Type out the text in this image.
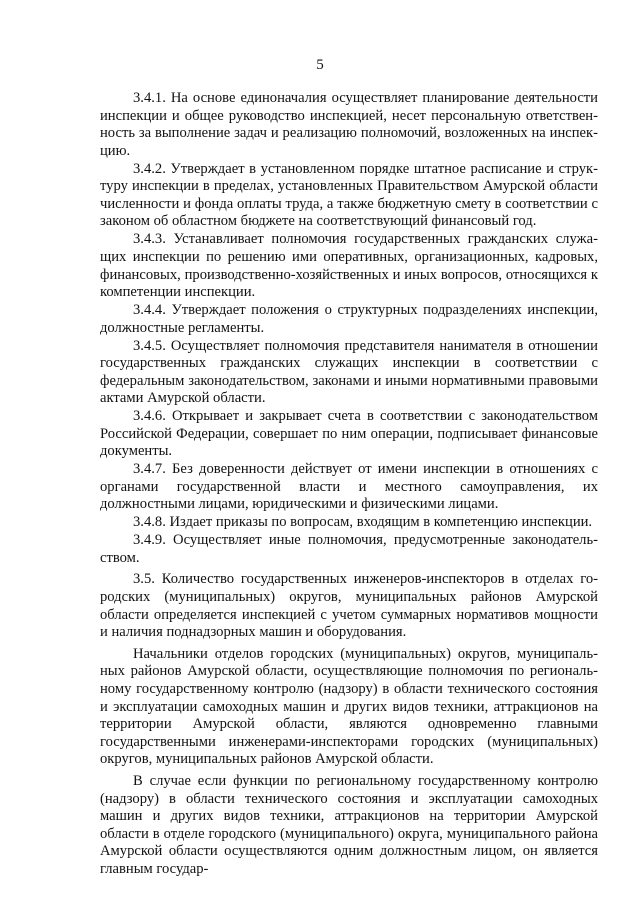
5

3.4.1. На основе единоначалия осуществляет планирование деятельности инспекции и общее руководство инспекцией, несет персональную ответственность за выполнение задач и реализацию полномочий, возложенных на инспекцию.

3.4.2. Утверждает в установленном порядке штатное расписание и структуру инспекции в пределах, установленных Правительством Амурской области численности и фонда оплаты труда, а также бюджетную смету в соответствии с законом об областном бюджете на соответствующий финансовый год.

3.4.3. Устанавливает полномочия государственных гражданских служащих инспекции по решению ими оперативных, организационных, кадровых, финансовых, производственно-хозяйственных и иных вопросов, относящихся к компетенции инспекции.

3.4.4. Утверждает положения о структурных подразделениях инспекции, должностные регламенты.

3.4.5. Осуществляет полномочия представителя нанимателя в отношении государственных гражданских служащих инспекции в соответствии с федеральным законодательством, законами и иными нормативными правовыми актами Амурской области.

3.4.6. Открывает и закрывает счета в соответствии с законодательством Российской Федерации, совершает по ним операции, подписывает финансовые документы.

3.4.7. Без доверенности действует от имени инспекции в отношениях с органами государственной власти и местного самоуправления, их должностными лицами, юридическими и физическими лицами.

3.4.8. Издает приказы по вопросам, входящим в компетенцию инспекции.

3.4.9. Осуществляет иные полномочия, предусмотренные законодательством.

3.5. Количество государственных инженеров-инспекторов в отделах городских (муниципальных) округов, муниципальных районов Амурской области определяется инспекцией с учетом суммарных нормативов мощности и наличия поднадзорных машин и оборудования.

Начальники отделов городских (муниципальных) округов, муниципальных районов Амурской области, осуществляющие полномочия по региональному государственному контролю (надзору) в области технического состояния и эксплуатации самоходных машин и других видов техники, аттракционов на территории Амурской области, являются одновременно главными государственными инженерами-инспекторами городских (муниципальных) округов, муниципальных районов Амурской области.

В случае если функции по региональному государственному контролю (надзору) в области технического состояния и эксплуатации самоходных машин и других видов техники, аттракционов на территории Амурской области в отделе городского (муниципального) округа, муниципального района Амурской области осуществляются одним должностным лицом, он является главным государ-
